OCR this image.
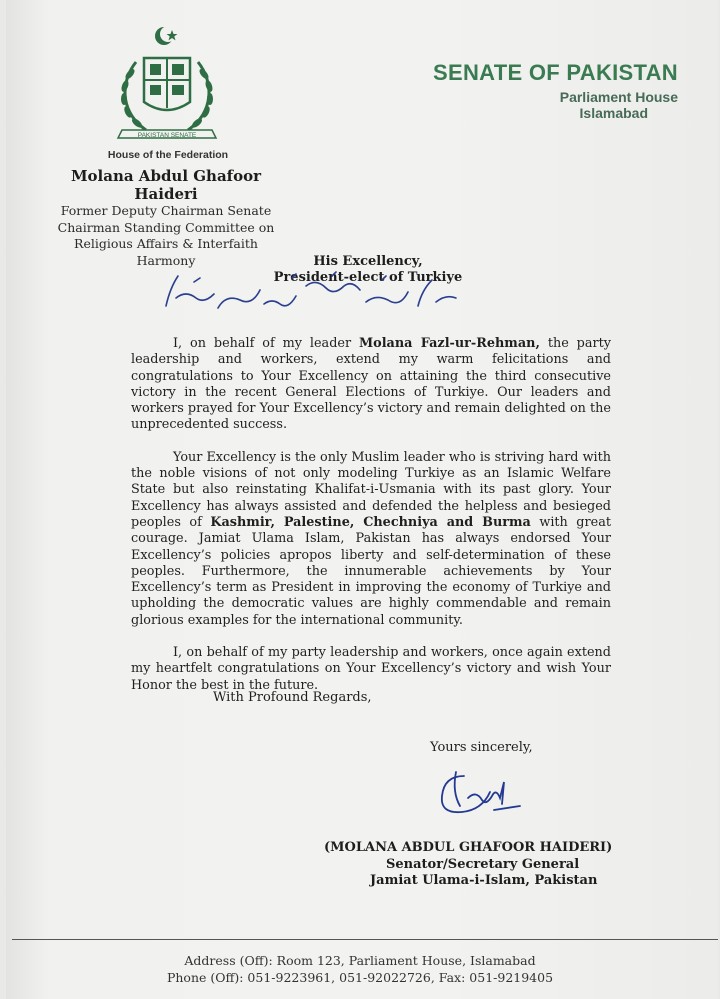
PAKISTAN SENATE
House of the Federation
SENATE OF PAKISTAN
Parliament House
Islamabad
Molana Abdul Ghafoor Haideri
Former Deputy Chairman Senate
Chairman Standing Committee on
Religious Affairs & Interfaith Harmony	His Excellency,
President-elect of Turkiye

I, on behalf of my leader Molana Fazl-ur-Rehman, the party leadership and workers, extend my warm felicitations and congratulations to Your Excellency on attaining the third consecutive victory in the recent General Elections of Turkiye. Our leaders and workers prayed for Your Excellency’s victory and remain delighted on the unprecedented success.

Your Excellency is the only Muslim leader who is striving hard with the noble visions of not only modeling Turkiye as an Islamic Welfare State but also reinstating Khalifat-i-Usmania with its past glory. Your Excellency has always assisted and defended the helpless and besieged peoples of Kashmir, Palestine, Chechniya and Burma with great courage. Jamiat Ulama Islam, Pakistan has always endorsed Your Excellency’s policies apropos liberty and self-determination of these peoples. Furthermore, the innumerable achievements by Your Excellency’s term as President in improving the economy of Turkiye and upholding the democratic values are highly commendable and remain glorious examples for the international community.

I, on behalf of my party leadership and workers, once again extend my heartfelt congratulations on Your Excellency’s victory and wish Your Honor the best in the future.

With Profound Regards,
Yours sincerely,
(MOLANA ABDUL GHAFOOR HAIDERI)
Senator/Secretary General
Jamiat Ulama-i-Islam, Pakistan
Address (Off): Room 123, Parliament House, Islamabad
Phone (Off): 051-9223961, 051-92022726, Fax: 051-9219405
